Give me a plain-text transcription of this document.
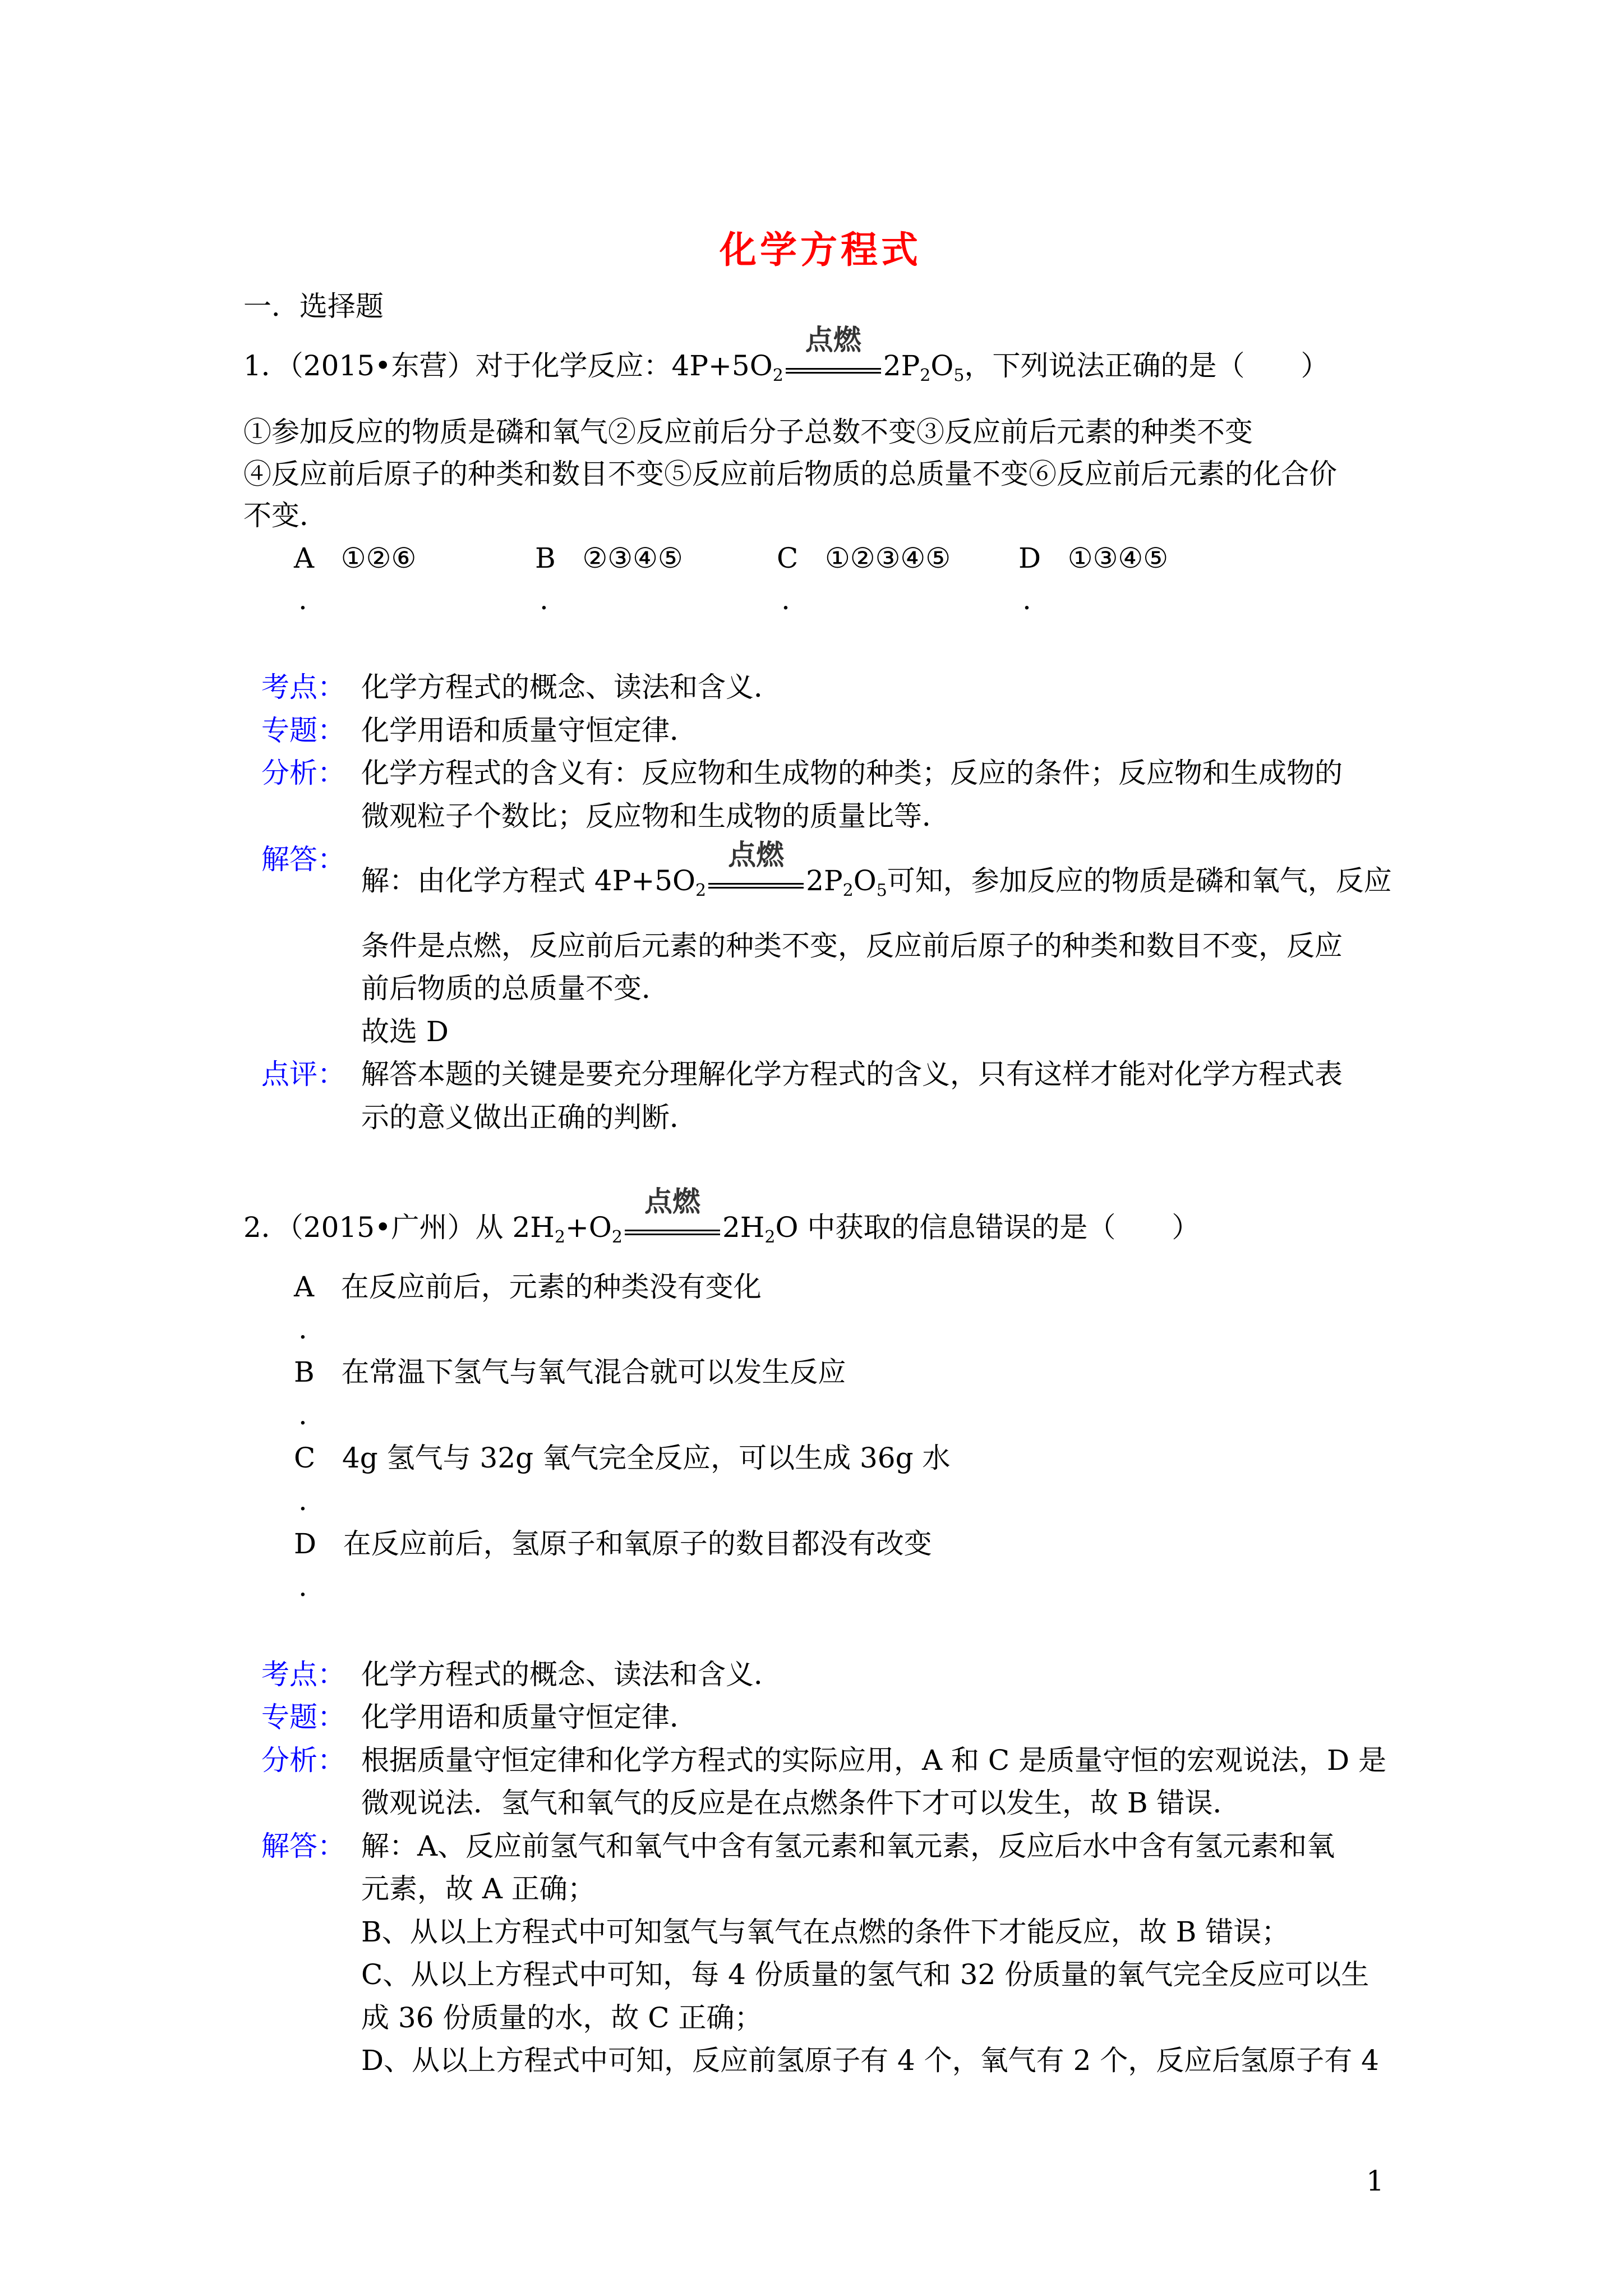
化学方程式
一．选择题
1．（2015•东营）对于化学反应：$4P+5O_2$
点燃
$2P_2O_5$，下列说法正确的是（　　）
①参加反应的物质是磷和氧气②反应前后分子总数不变③反应前后元素的种类不变
④反应前后原子的种类和数目不变⑤反应前后物质的总质量不变⑥反应前后元素的化合价
不变．
A ①②⑥	B ②③④⑤	C ①②③④⑤ D ①③④⑤
.	.	.	.
考点： 化学方程式的概念、读法和含义．
专题： 化学用语和质量守恒定律．
分析： 化学方程式的含义有：反应物和生成物的种类；反应的条件；反应物和生成物的
微观粒子个数比；反应物和生成物的质量比等．
解答：
解：由化学方程式 $4P+5O_2$
点燃
$2P_2O_5$可知，参加反应的物质是磷和氧气，反应
条件是点燃，反应前后元素的种类不变，反应前后原子的种类和数目不变，反应
前后物质的总质量不变．
故选 D
点评： 解答本题的关键是要充分理解化学方程式的含义，只有这样才能对化学方程式表
示的意义做出正确的判断．
2．（2015•广州）从 $2H_2+O_2$
点燃
$2H_2O$ 中获取的信息错误的是（　　）
A 在反应前后，元素的种类没有变化
.
B 在常温下氢气与氧气混合就可以发生反应
.
C 4g 氢气与 32g 氧气完全反应，可以生成 36g 水
.
D 在反应前后，氢原子和氧原子的数目都没有改变
.
考点： 化学方程式的概念、读法和含义．
专题： 化学用语和质量守恒定律．
分析： 根据质量守恒定律和化学方程式的实际应用，A 和 C 是质量守恒的宏观说法，D 是
微观说法．氢气和氧气的反应是在点燃条件下才可以发生，故 B 错误．
解答： 解：A、反应前氢气和氧气中含有氢元素和氧元素，反应后水中含有氢元素和氧
元素，故 A 正确；
B、从以上方程式中可知氢气与氧气在点燃的条件下才能反应，故 B 错误；
C、从以上方程式中可知，每 4 份质量的氢气和 32 份质量的氧气完全反应可以生
成 36 份质量的水，故 C 正确；
D、从以上方程式中可知，反应前氢原子有 4 个，氧气有 2 个，反应后氢原子有 4
1
